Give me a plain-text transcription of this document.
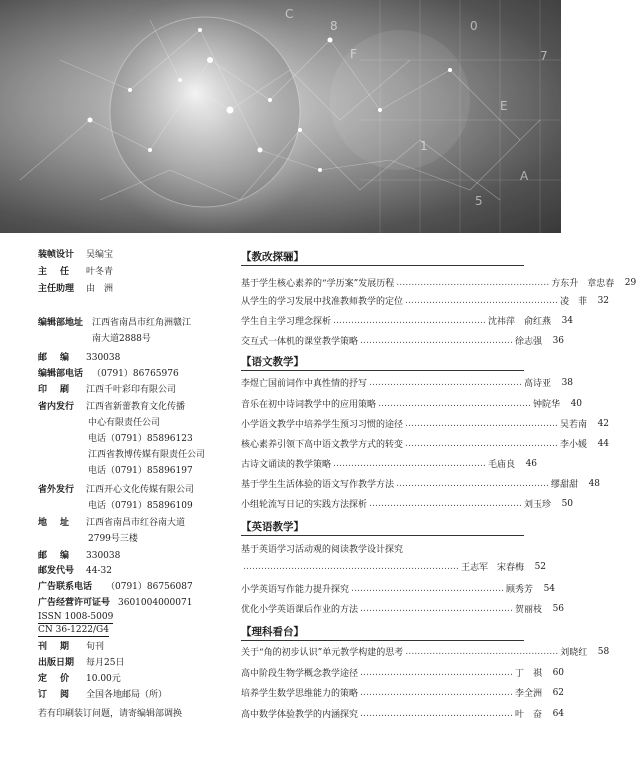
C
8
F
0
E
5
A
1
7
装帧设计 吴编宝
主　任 叶冬青
主任助理 由　洲
编辑部地址 江西省南昌市红角洲赣江
南大道2888号
邮　编 330038
编辑部电话 （0791）86765976
印　刷 江西千叶彩印有限公司
省内发行 江西省新蕾教育文化传播
中心有限责任公司
电话（0791）85896123
江西省教博传媒有限责任公司
电话（0791）85896197
省外发行 江西开心文化传媒有限公司
电话（0791）85896109
地　址 江西省南昌市红谷南大道
2799号三楼
邮　编 330038
邮发代号 44-32
广告联系电话 （0791）86756087
广告经营许可证号 3601004000071
ISSN 1008-5009
CN 36-1222/G4
刊　期 旬刊
出版日期 每月25日
定　价 10.00元
订　阅 全国各地邮局（所）
若有印刷装订问题，请寄编辑部调换
【教改探骊】
基于学生核心素养的“学历案”发展历程 …………………………………………… 方东升　章忠春	29
从学生的学习发展中找准教师教学的定位 …………………………………………… 凌　菲	32
学生自主学习理念探析 …………………………………………… 沈祎萍　俞红燕	34
交互式一体机的课堂教学策略 …………………………………………… 徐志强	36
【语文教学】
李煜亡国前词作中真性情的抒写 …………………………………………… 高诗亚	38
音乐在初中诗词教学中的应用策略 …………………………………………… 钟院华	40
小学语文教学中培养学生预习习惯的途径 …………………………………………… 吴若南	42
核心素养引领下高中语文教学方式的转变 …………………………………………… 李小媛	44
古诗文诵读的教学策略 …………………………………………… 毛庙良	46
基于学生生活体验的语文写作教学方法 …………………………………………… 缪甜甜	48
小组轮流写日记的实践方法探析 …………………………………………… 刘玉珍	50
【英语教学】
基于英语学习活动观的阅读教学设计探究
……………………………………………………………… 王志军　宋春梅	52
小学英语写作能力提升探究 …………………………………………… 顾秀芳	54
优化小学英语课后作业的方法 …………………………………………… 贺丽枝	56
【理科看台】
关于“角的初步认识”单元教学构建的思考 …………………………………………… 刘晓红	58
高中阶段生物学概念教学途径 …………………………………………… 丁　祺	60
培养学生数学思维能力的策略 …………………………………………… 李全洲	62
高中数学体验教学的内涵探究 …………………………………………… 叶　奋	64
